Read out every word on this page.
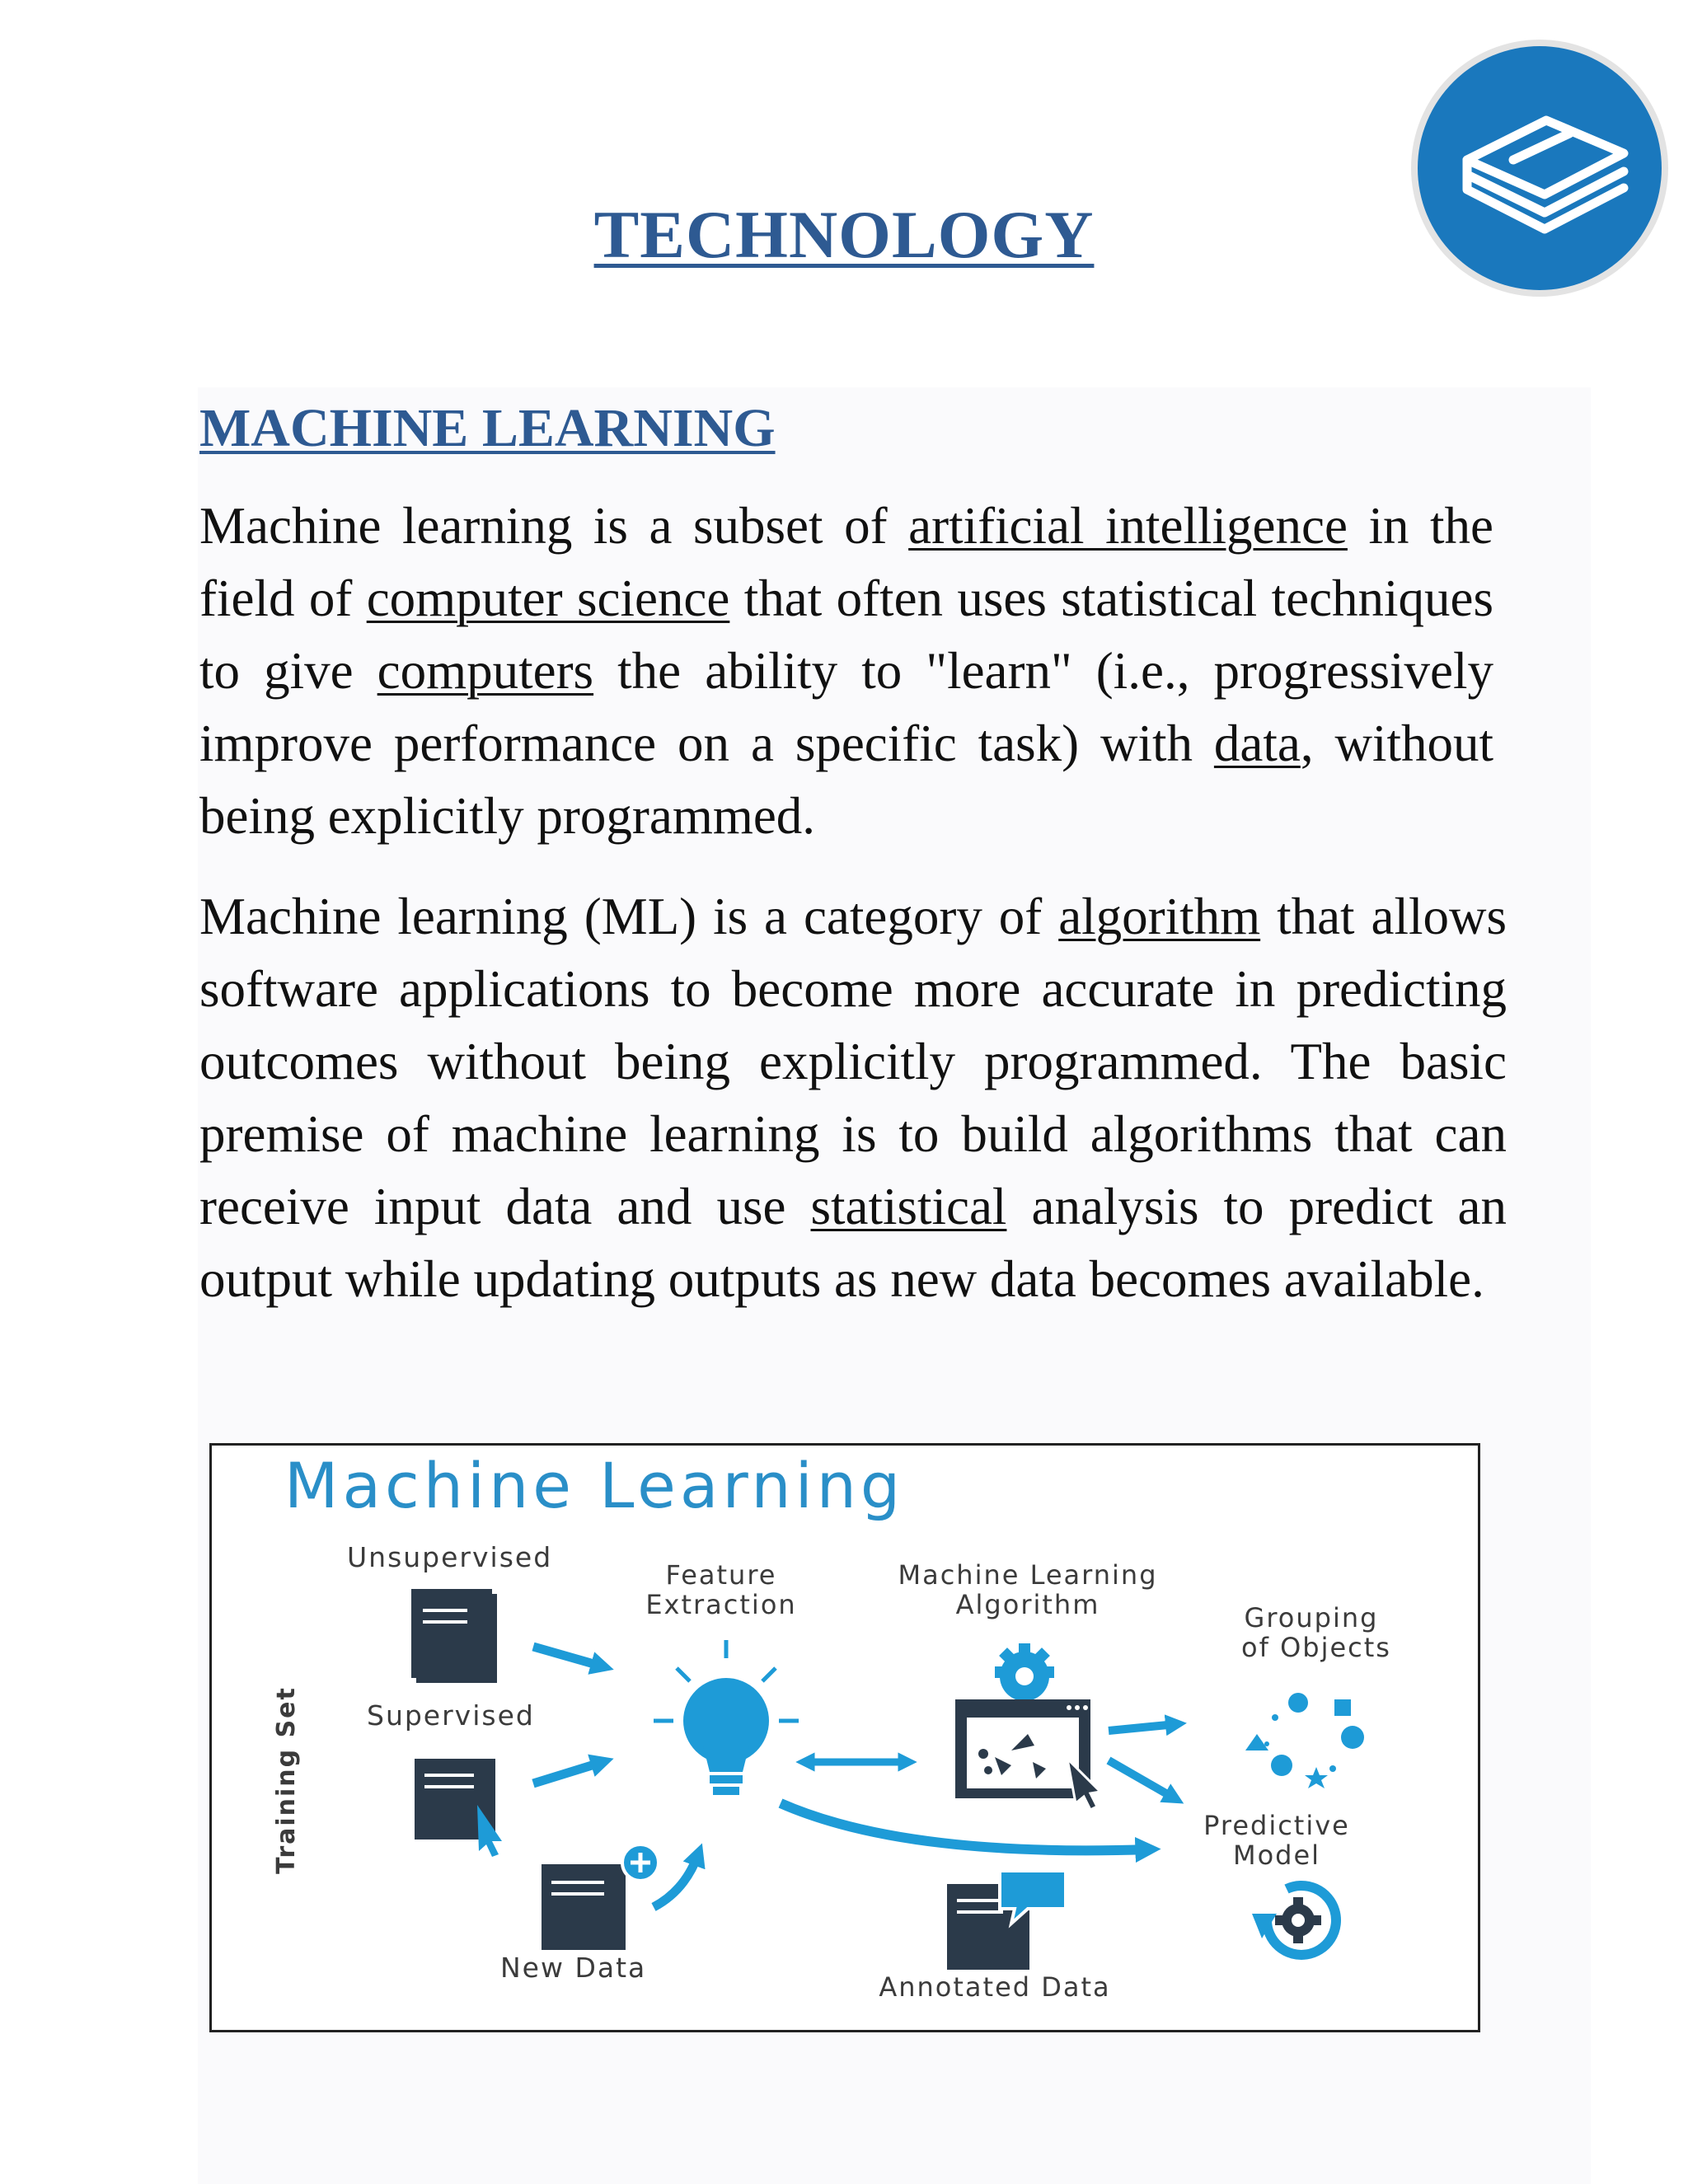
TECHNOLOGY
MACHINE LEARNING

Machine learning is a subset of artificial intelligence in the field of computer science that often uses statistical techniques to give computers the ability to "learn" (i.e., progressively improve performance on a specific task) with data, without being explicitly programmed.

Machine learning (ML) is a category of algorithm that allows software applications to become more accurate in predicting outcomes without being explicitly programmed. The basic premise of machine learning is to build algorithms that can receive input data and use statistical analysis to predict an output while updating outputs as new data becomes available.

Machine Learning
Training Set
Unsupervised
Supervised
New Data
Feature
Extraction
Machine Learning
Algorithm	Grouping
of Objects
Predictive
Model
Annotated Data
